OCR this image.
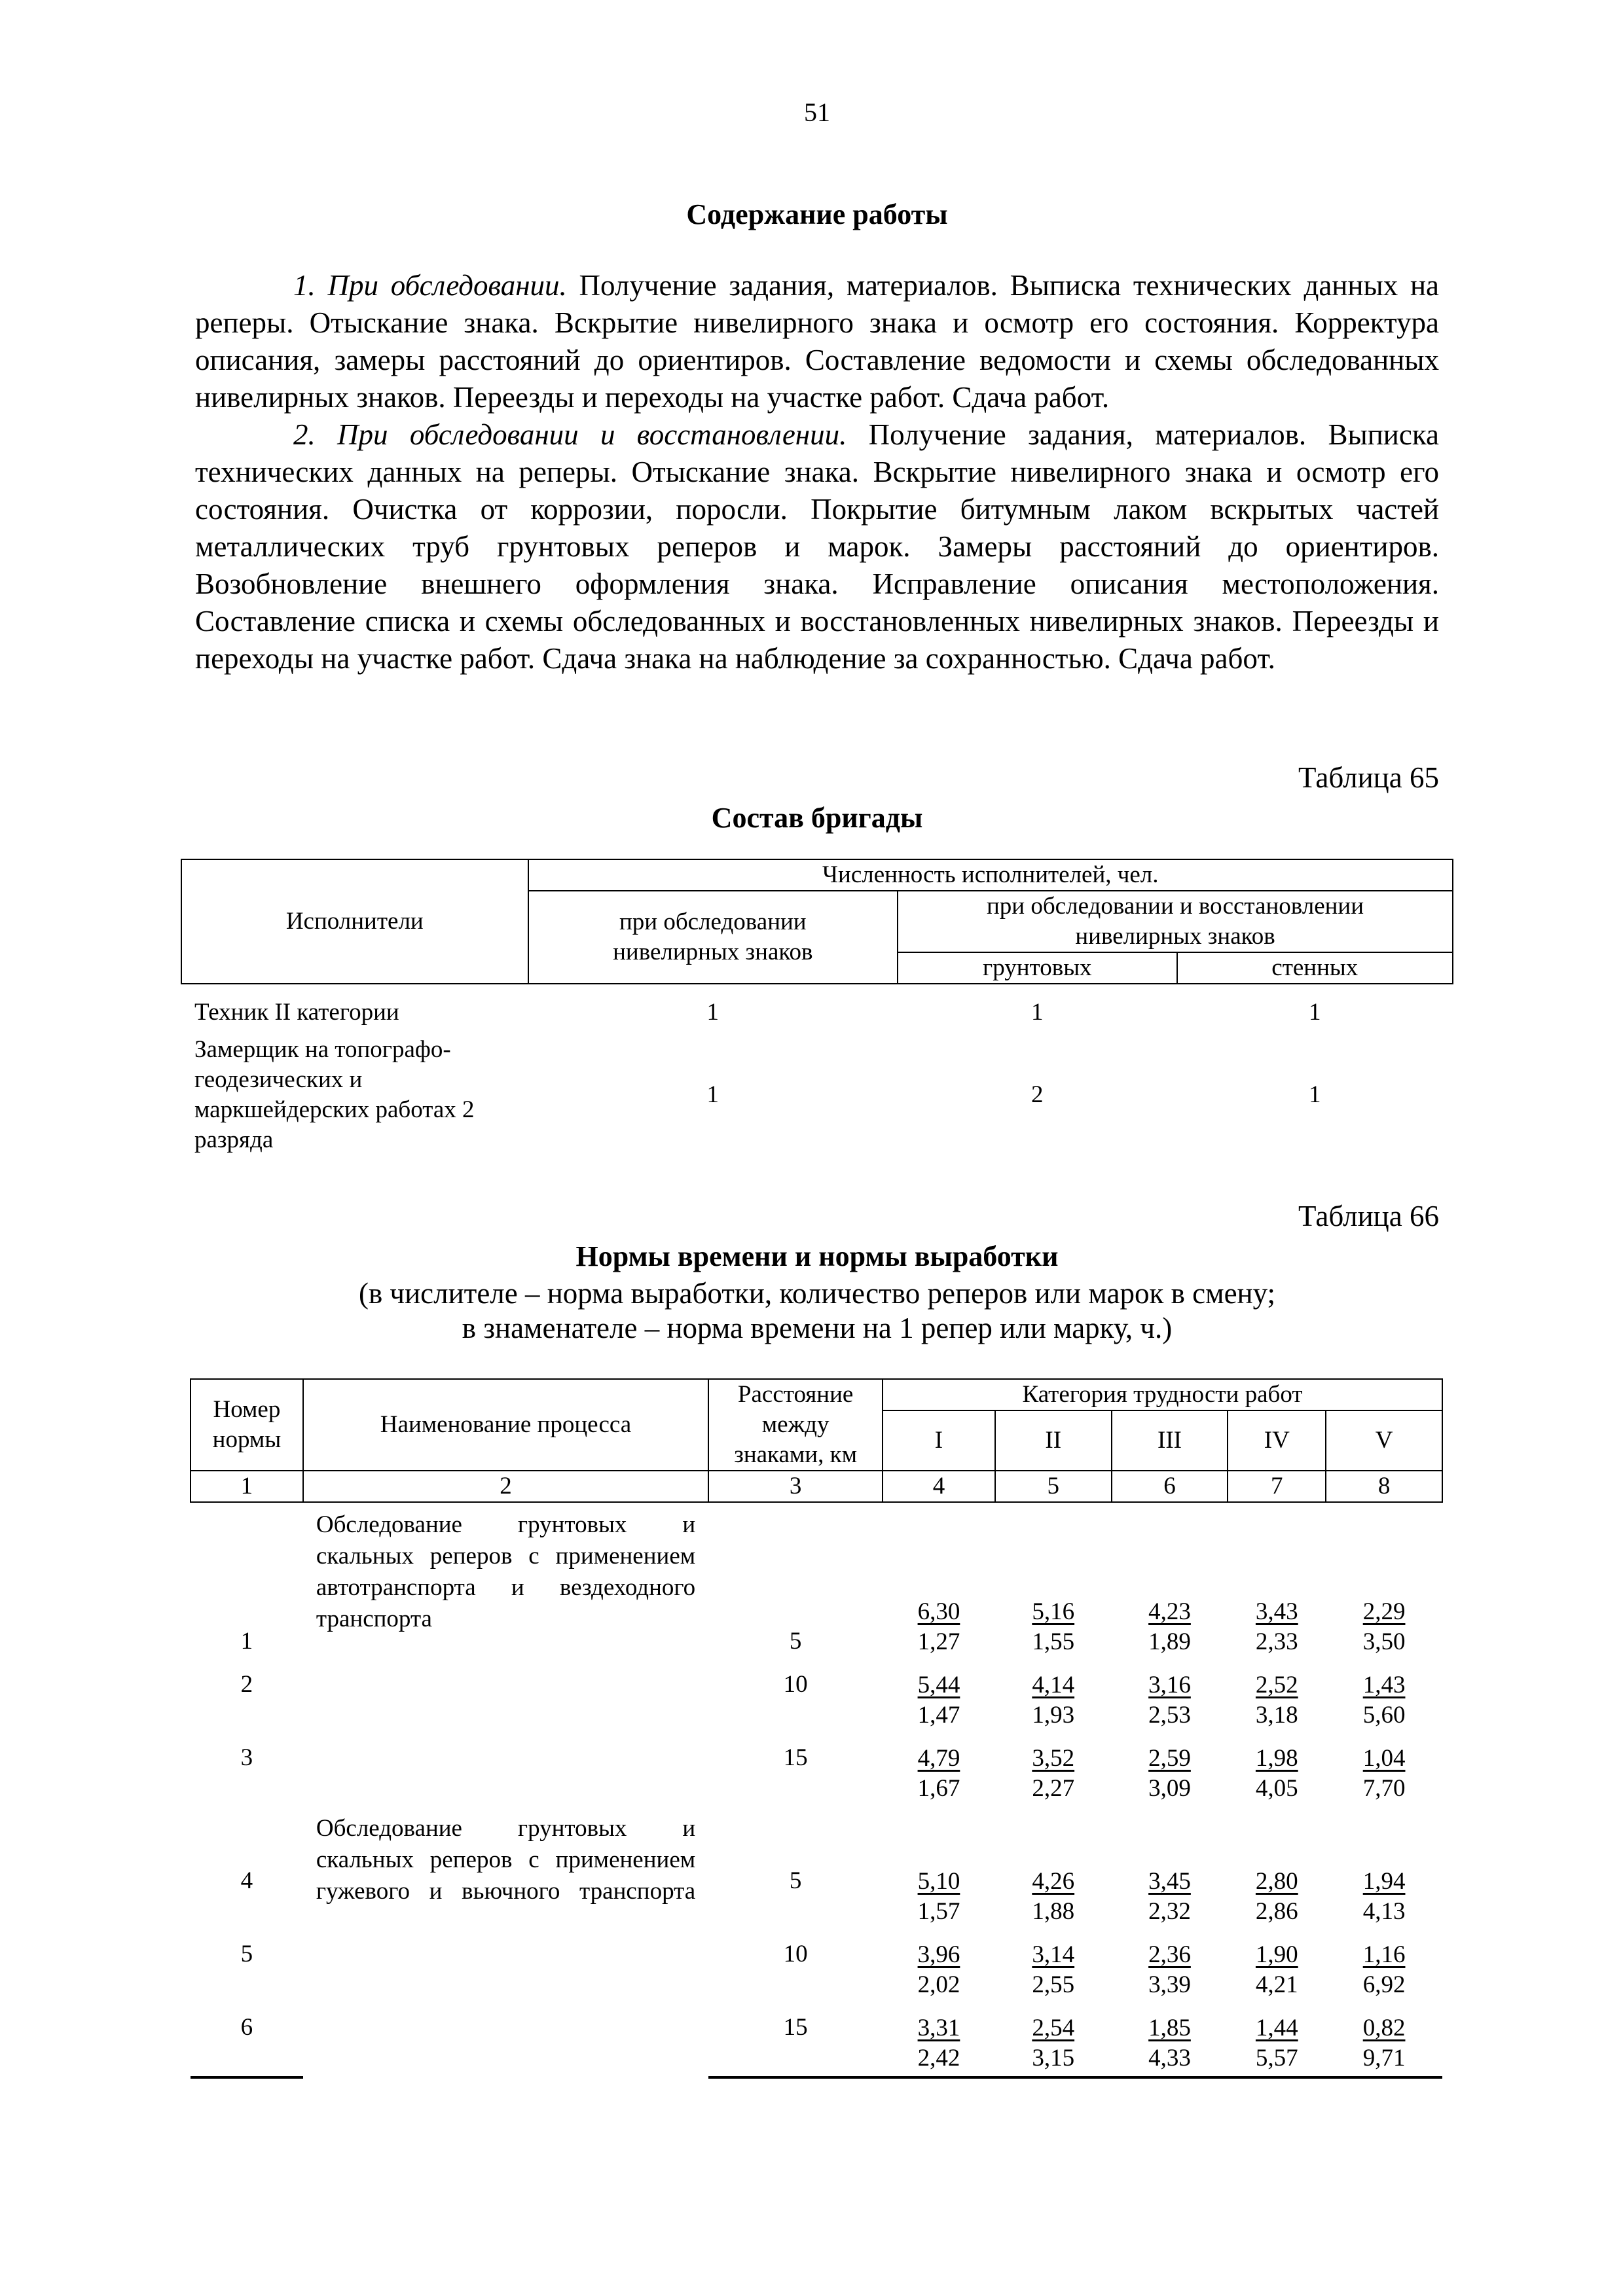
51
Содержание работы

1. При обследовании. Получение задания, материалов. Выписка технических данных на реперы. Отыскание знака. Вскрытие нивелирного знака и осмотр его состояния. Корректура описания, замеры расстояний до ориентиров. Составление ведомости и схемы обследованных нивелирных знаков. Переезды и переходы на участке работ. Сдача работ.

2. При обследовании и восстановлении. Получение задания, материалов. Выписка технических данных на реперы. Отыскание знака. Вскрытие нивелирного знака и осмотр его состояния. Очистка от коррозии, поросли. Покрытие битумным лаком вскрытых частей металлических труб грунтовых реперов и марок. Замеры расстояний до ориентиров. Возобновление внешнего оформления знака. Исправление описания местоположения. Составление списка и схемы обследованных и восстановленных нивелирных знаков. Переезды и переходы на участке работ. Сдача знака на наблюдение за сохранностью. Сдача работ.

Таблица 65
Состав бригады
Исполнители	Численность исполнителей, чел.		
	при обследовании нивелирных знаков	при обследовании и восстановлении нивелирных знаков	
		грунтовых	стенных
Техник II категории	1	1	1
Замерщик на топографо-геодезических и маркшейдерских работах 2 разряда	1	2	1
Таблица 66
Нормы времени и нормы выработки
(в числителе – норма выработки, количество реперов или марок в смену;
в знаменателе – норма времени на 1 репер или марку, ч.)
Номер нормы	Наименование процесса	Расстояние между знаками, км	Категория трудности работ				
			I	II	III	IV	V
1	2	3	4	5	6	7	8
1	Обследование грунтовых и скальных реперов с применением автотранспорта и вездеходного транспорта	5	$\frac{6,30}{1,27}$	$\frac{5,16}{1,55}$	$\frac{4,23}{1,89}$	$\frac{3,43}{2,33}$	$\frac{2,29}{3,50}$

2		10	$\frac{5,44}{1,47}$	$\frac{4,14}{1,93}$	$\frac{3,16}{2,53}$	$\frac{2,52}{3,18}$	$\frac{1,43}{5,60}$

3		15	$\frac{4,79}{1,67}$	$\frac{3,52}{2,27}$	$\frac{2,59}{3,09}$	$\frac{1,98}{4,05}$	$\frac{1,04}{7,70}$

4	Обследование грунтовых и скальных реперов с применением гужевого и вьючного транспорта	5	$\frac{5,10}{1,57}$	$\frac{4,26}{1,88}$	$\frac{3,45}{2,32}$	$\frac{2,80}{2,86}$	$\frac{1,94}{4,13}$

5		10	$\frac{3,96}{2,02}$	$\frac{3,14}{2,55}$	$\frac{2,36}{3,39}$	$\frac{1,90}{4,21}$	$\frac{1,16}{6,92}$

6		15	$\frac{3,31}{2,42}$	$\frac{2,54}{3,15}$	$\frac{1,85}{4,33}$	$\frac{1,44}{5,57}$	$\frac{0,82}{9,71}$
